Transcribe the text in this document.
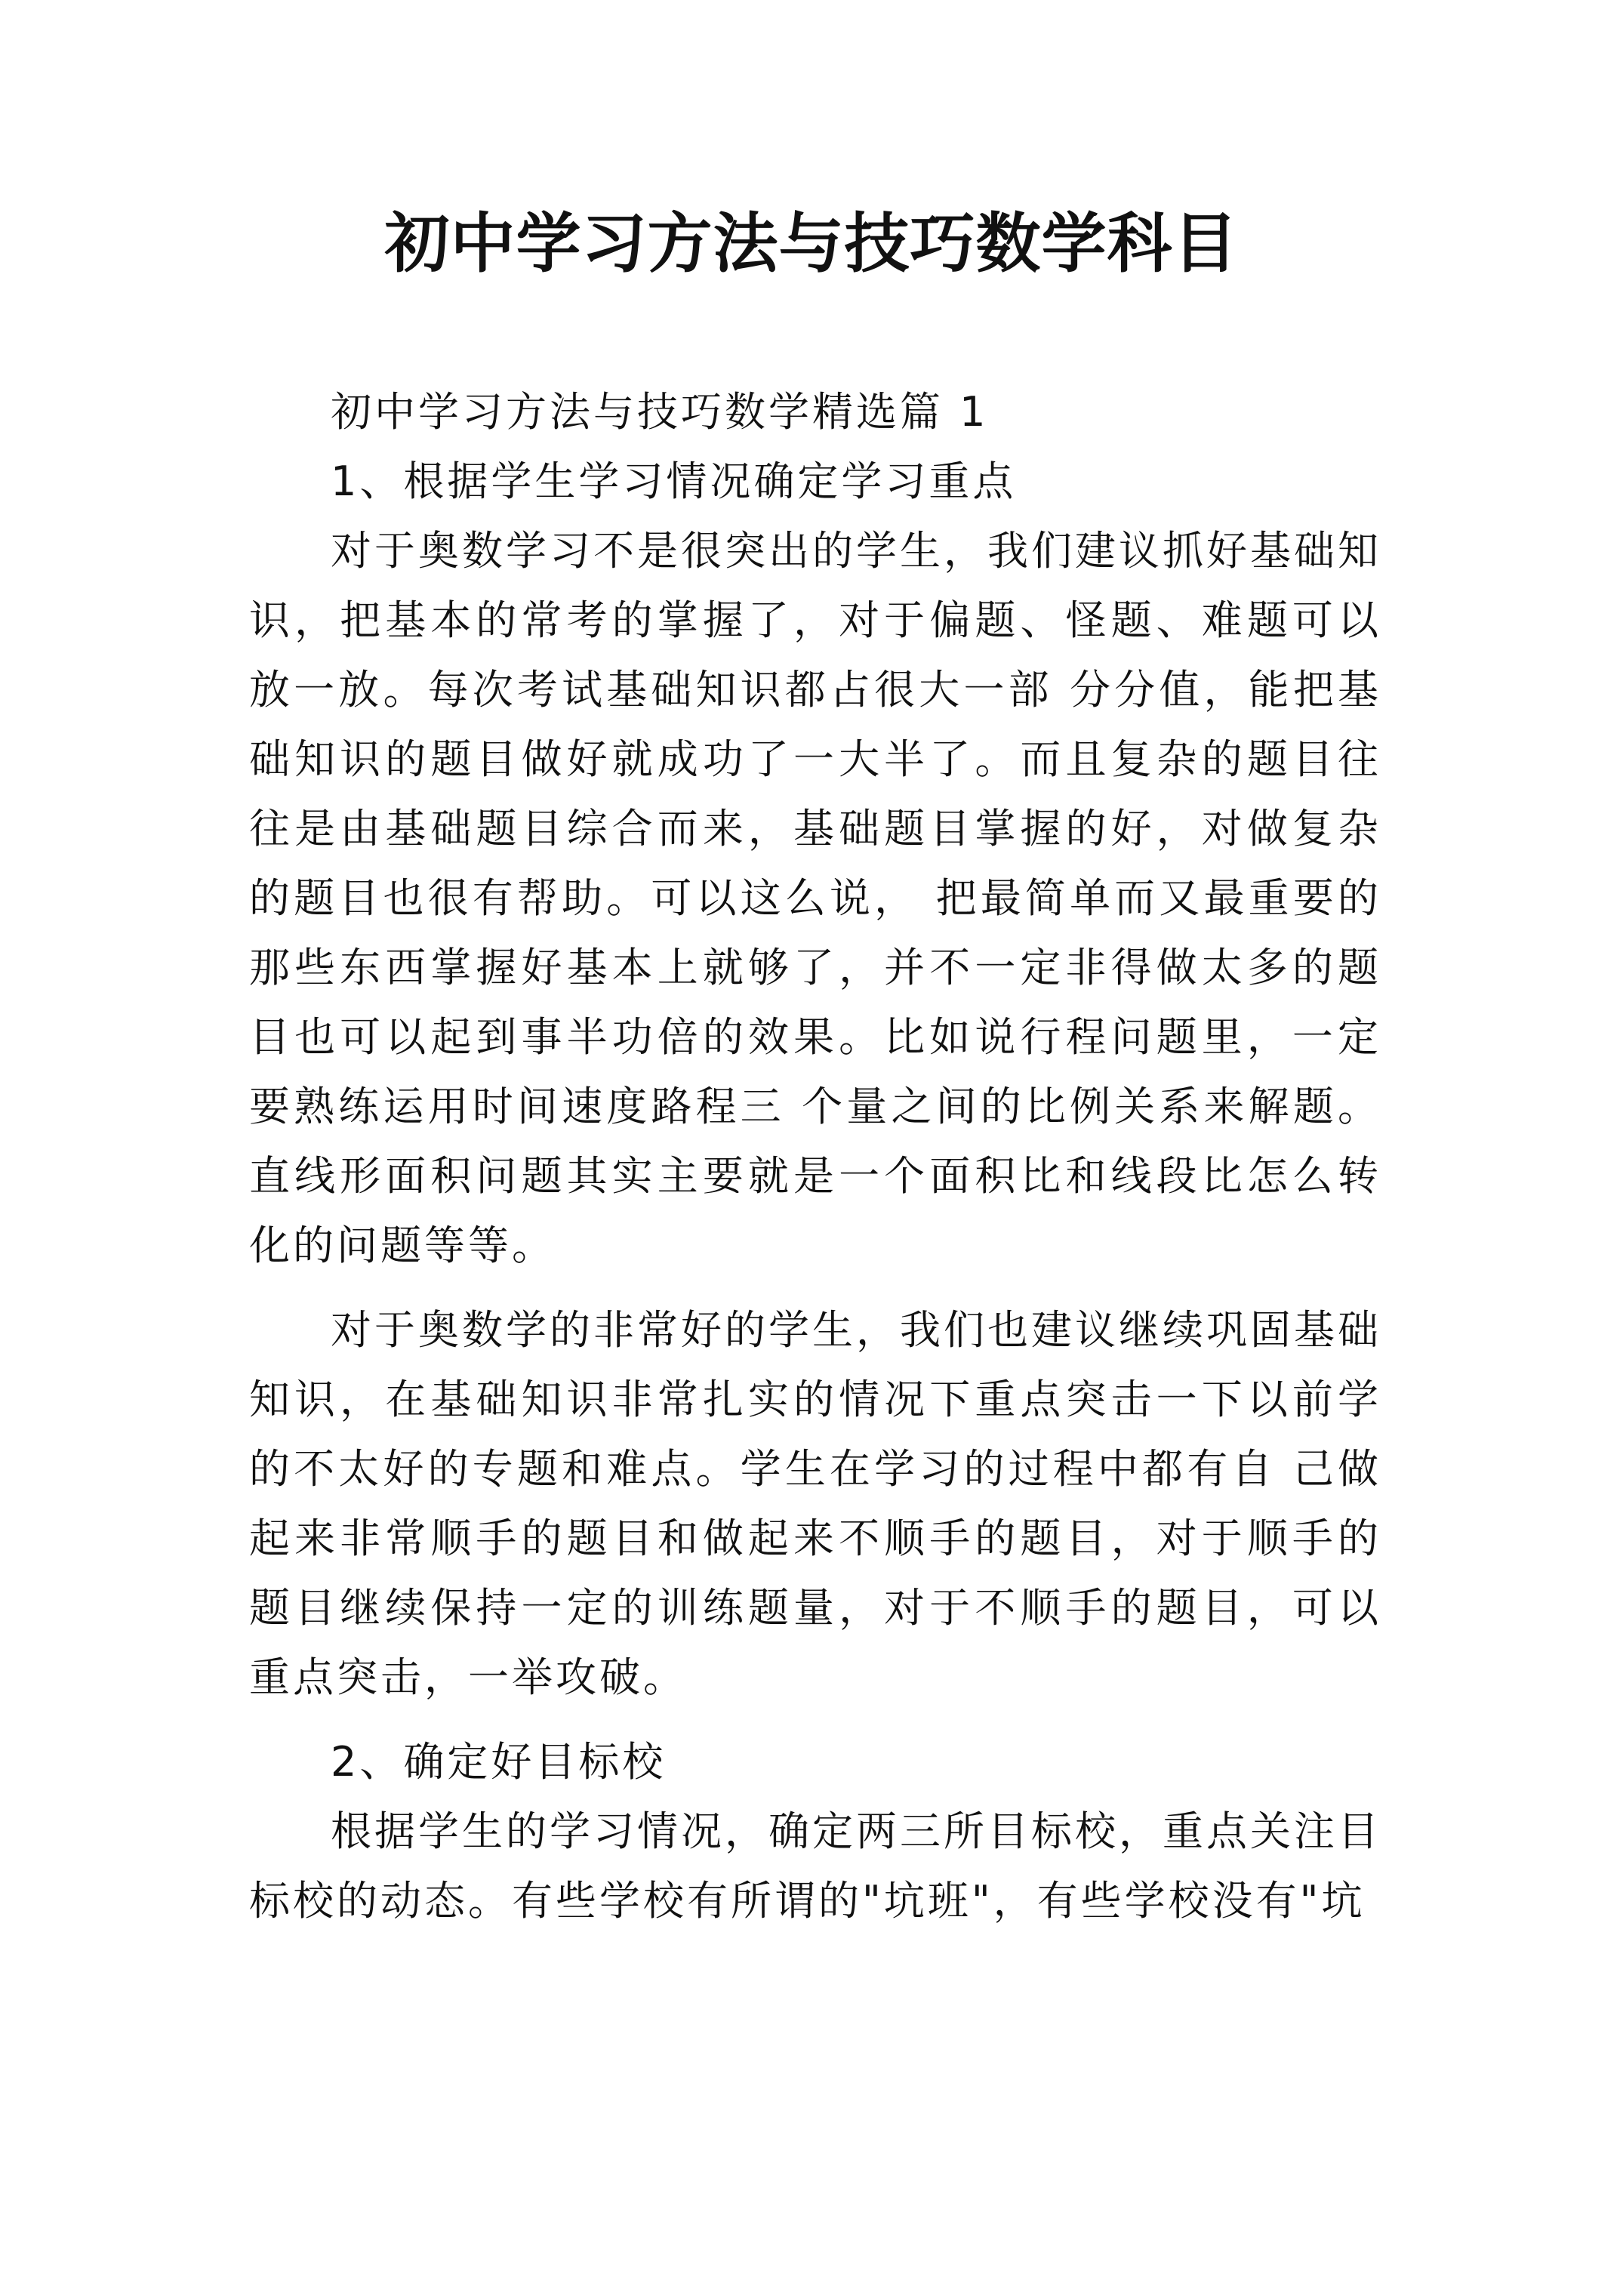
初中学习方法与技巧数学科目

初中学习方法与技巧数学精选篇 1

1、根据学生学习情况确定学习重点

对于奥数学习不是很突出的学生，我们建议抓好基础知识，把基本的常考的掌握了，对于偏题、怪题、难题可以放一放。每次考试基础知识都占很大一部 分分值，能把基础知识的题目做好就成功了一大半了。而且复杂的题目往往是由基础题目综合而来，基础题目掌握的好，对做复杂的题目也很有帮助。可以这么说， 把最简单而又最重要的那些东西掌握好基本上就够了，并不一定非得做太多的题目也可以起到事半功倍的效果。比如说行程问题里，一定要熟练运用时间速度路程三 个量之间的比例关系来解题。直线形面积问题其实主要就是一个面积比和线段比怎么转化的问题等等。

对于奥数学的非常好的学生，我们也建议继续巩固基础知识，在基础知识非常扎实的情况下重点突击一下以前学的不太好的专题和难点。学生在学习的过程中都有自 己做起来非常顺手的题目和做起来不顺手的题目，对于顺手的题目继续保持一定的训练题量，对于不顺手的题目，可以重点突击，一举攻破。

2、确定好目标校

根据学生的学习情况，确定两三所目标校，重点关注目标校的动态。有些学校有所谓的"坑班"，有些学校没有"坑
